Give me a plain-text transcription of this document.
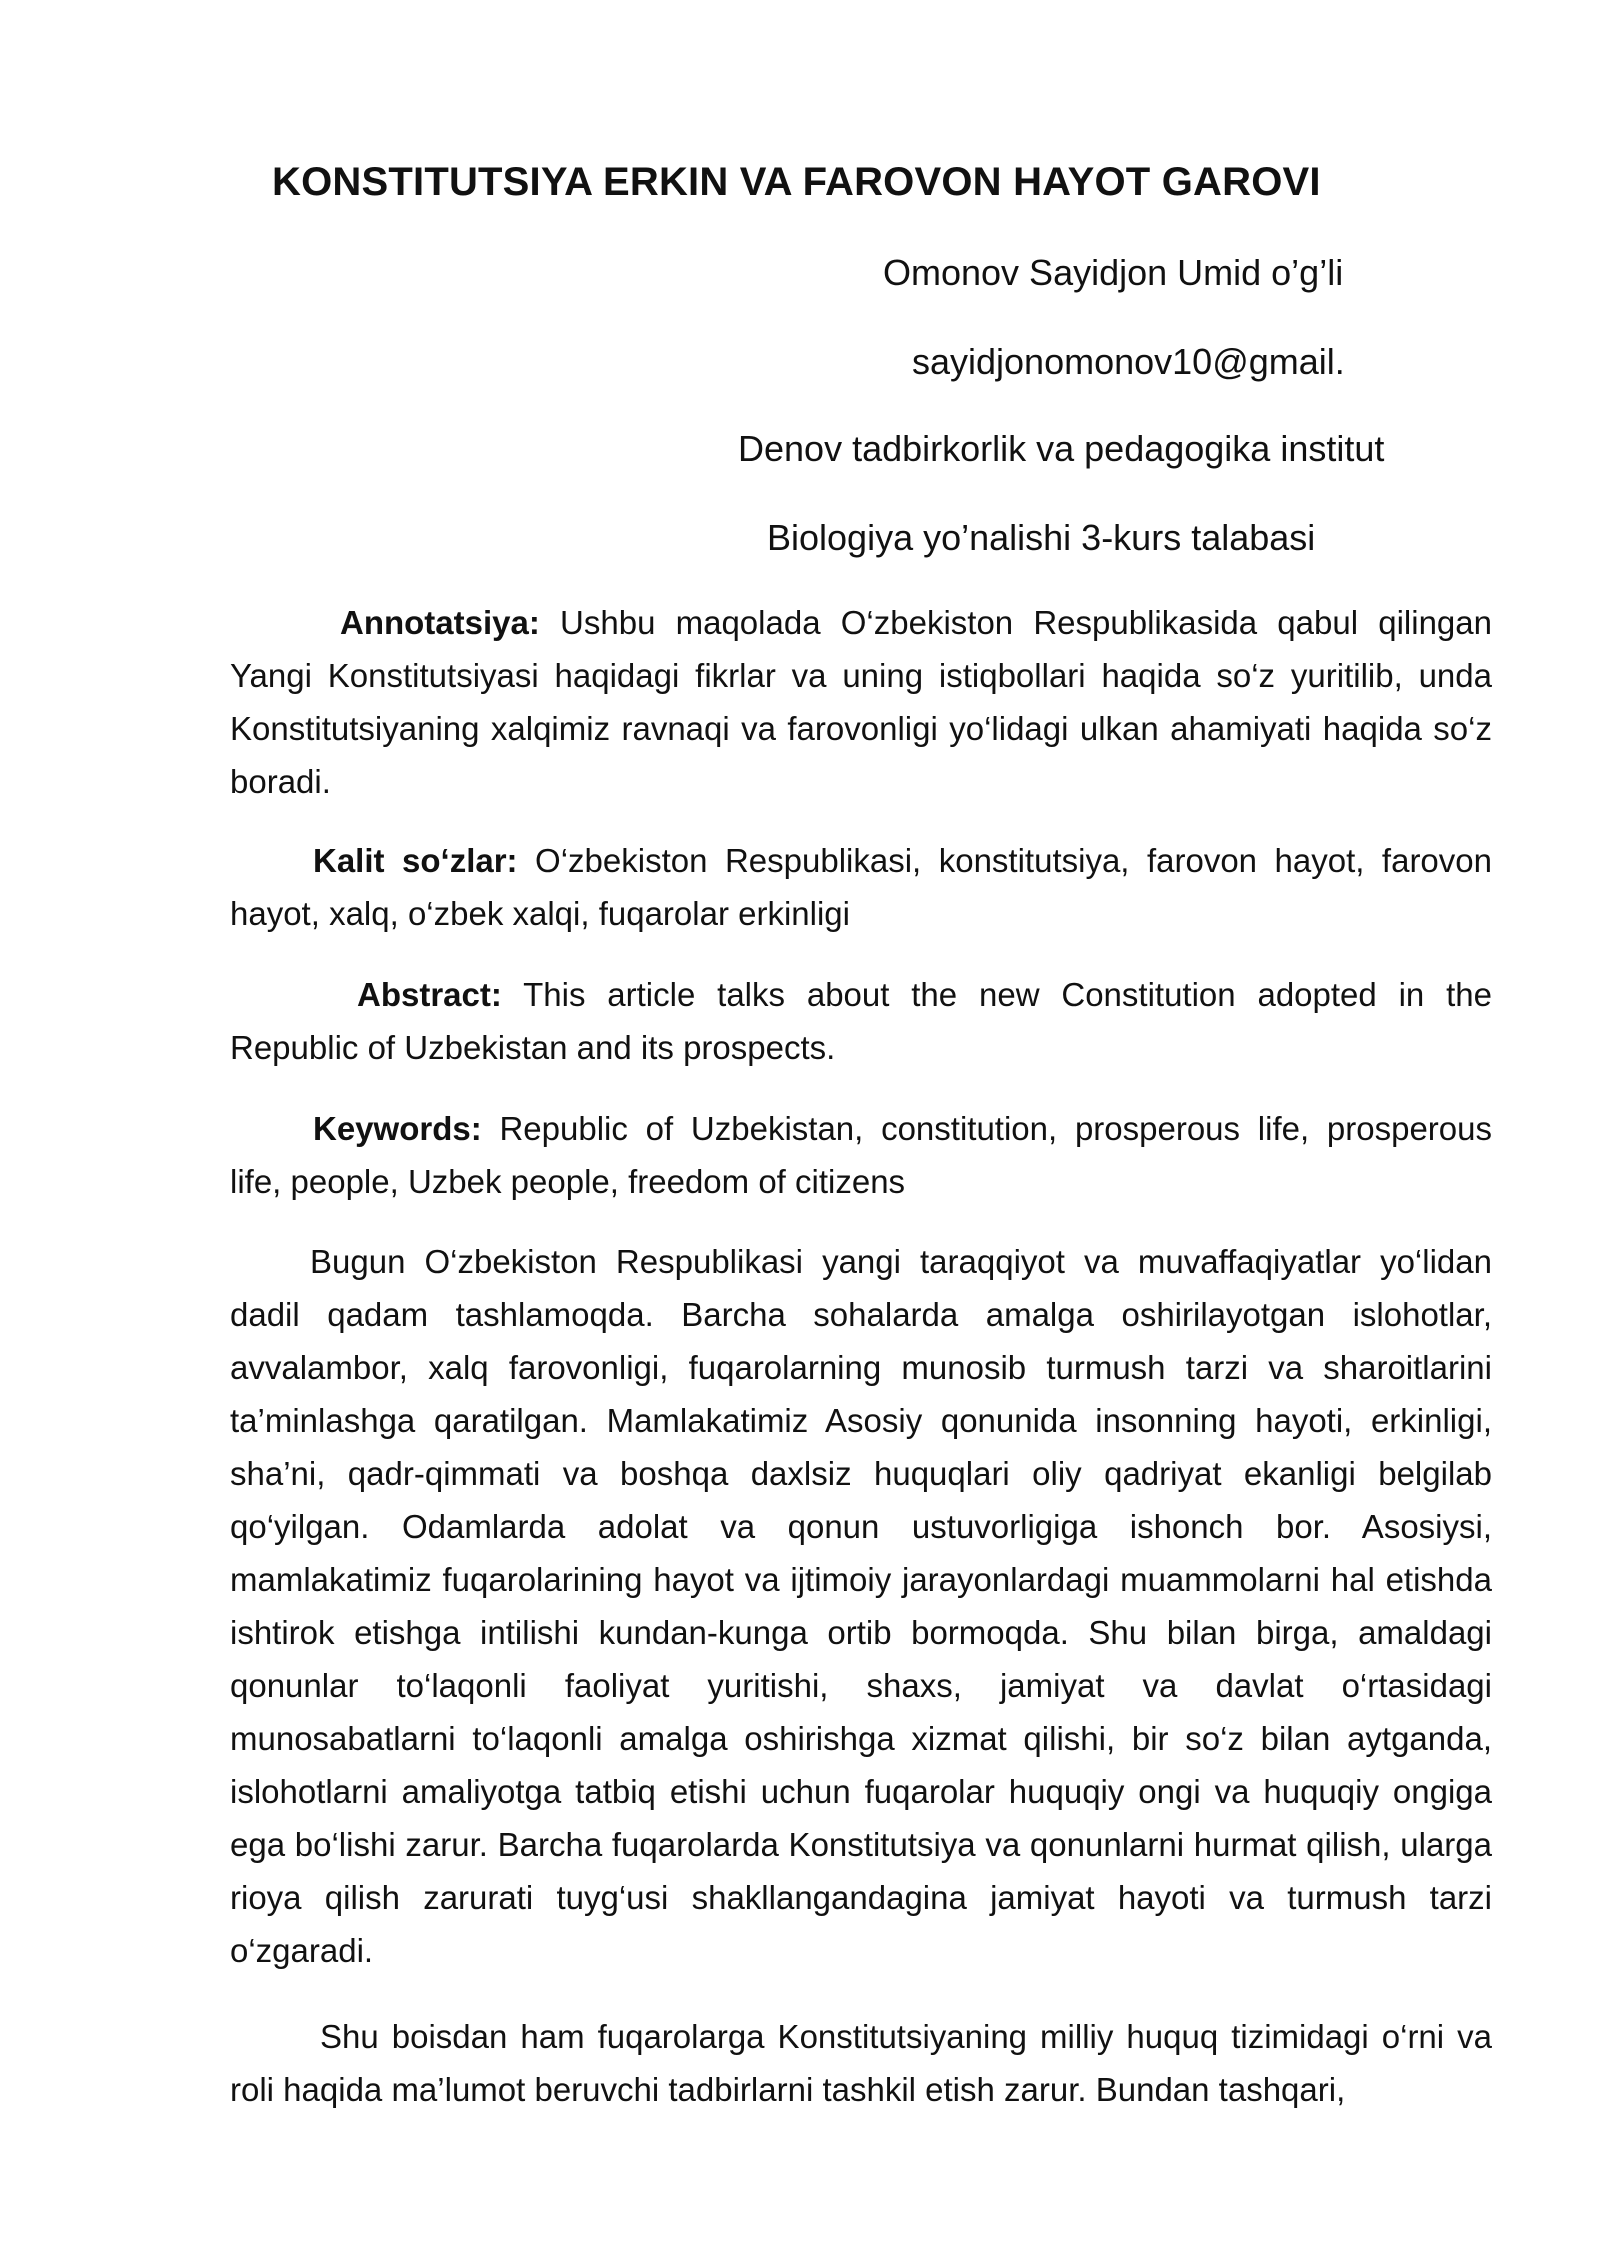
KONSTITUTSIYA ERKIN VA FAROVON HAYOT GAROVI
Omonov Sayidjon Umid o’g’li
sayidjonomonov10@gmail.
Denov tadbirkorlik va pedagogika institut
Biologiya yo’nalishi 3-kurs talabasi
Annotatsiya: Ushbu maqolada O‘zbekiston Respublikasida qabul qilingan Yangi Konstitutsiyasi haqidagi fikrlar va uning istiqbollari haqida so‘z yuritilib, unda Konstitutsiyaning xalqimiz ravnaqi va farovonligi yo‘lidagi ulkan ahamiyati haqida so‘z boradi.
Kalit so‘zlar: O‘zbekiston Respublikasi, konstitutsiya, farovon hayot, farovon hayot, xalq, o‘zbek xalqi, fuqarolar erkinligi
Abstract: This article talks about the new Constitution adopted in the Republic of Uzbekistan and its prospects.
Keywords: Republic of Uzbekistan, constitution, prosperous life, prosperous life, people, Uzbek people, freedom of citizens
Bugun O‘zbekiston Respublikasi yangi taraqqiyot va muvaffaqiyatlar yo‘lidan dadil qadam tashlamoqda. Barcha sohalarda amalga oshirilayotgan islohotlar, avvalambor, xalq farovonligi, fuqarolarning munosib turmush tarzi va sharoitlarini ta’minlashga qaratilgan. Mamlakatimiz Asosiy qonunida insonning hayoti, erkinligi, sha’ni, qadr-qimmati va boshqa daxlsiz huquqlari oliy qadriyat ekanligi belgilab qo‘yilgan. Odamlarda adolat va qonun ustuvorligiga ishonch bor. Asosiysi, mamlakatimiz fuqarolarining hayot va ijtimoiy jarayonlardagi muammolarni hal etishda ishtirok etishga intilishi kundan-kunga ortib bormoqda. Shu bilan birga, amaldagi qonunlar to‘laqonli faoliyat yuritishi, shaxs, jamiyat va davlat o‘rtasidagi munosabatlarni to‘laqonli amalga oshirishga xizmat qilishi, bir so‘z bilan aytganda, islohotlarni amaliyotga tatbiq etishi uchun fuqarolar huquqiy ongi va huquqiy ongiga ega bo‘lishi zarur. Barcha fuqarolarda Konstitutsiya va qonunlarni hurmat qilish, ularga rioya qilish zarurati tuyg‘usi shakllangandagina jamiyat hayoti va turmush tarzi o‘zgaradi.
Shu boisdan ham fuqarolarga Konstitutsiyaning milliy huquq tizimidagi o‘rni va roli haqida ma’lumot beruvchi tadbirlarni tashkil etish zarur. Bundan tashqari,
